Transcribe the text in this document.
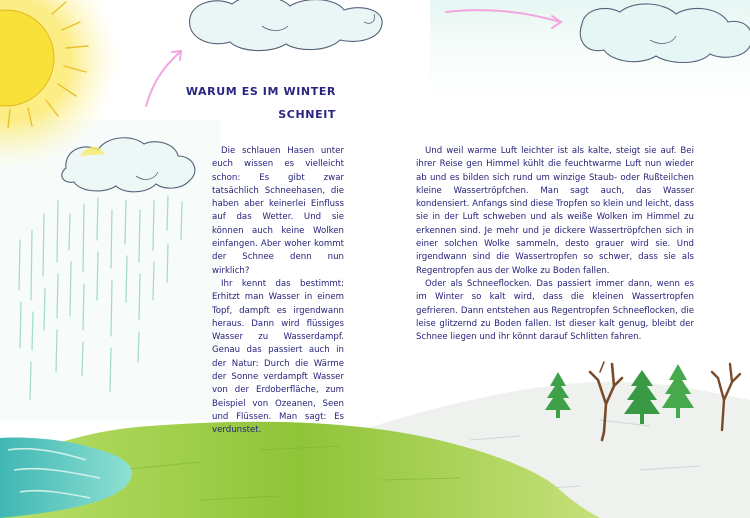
WARUM ES IM WINTER
SCHNEIT

Die schlauen Hasen unter euch wissen es vielleicht schon: Es gibt zwar tatsächlich Schneehasen, die haben aber keinerlei Einfluss auf das Wetter. Und sie können auch keine Wolken einfangen. Aber woher kommt der Schnee denn nun wirklich?

Ihr kennt das bestimmt: Erhitzt man Wasser in einem Topf, dampft es irgendwann heraus. Dann wird flüssiges Wasser zu Wasserdampf. Genau das passiert auch in der Natur: Durch die Wärme der Sonne verdampft Wasser von der Erdoberfläche, zum Beispiel von Ozeanen, Seen und Flüssen. Man sagt: Es verdunstet.

Und weil warme Luft leichter ist als kalte, steigt sie auf. Bei ihrer Reise gen Himmel kühlt die feuchtwarme Luft nun wieder ab und es bilden sich rund um winzige Staub- oder Rußteilchen kleine Wassertröpfchen. Man sagt auch, das Wasser kondensiert. Anfangs sind diese Tropfen so klein und leicht, dass sie in der Luft schweben und als weiße Wolken im Himmel zu erkennen sind. Je mehr und je dickere Wassertröpfchen sich in einer solchen Wolke sammeln, desto grauer wird sie. Und irgendwann sind die Wassertropfen so schwer, dass sie als Regentropfen aus der Wolke zu Boden fallen.

Oder als Schneeflocken. Das passiert immer dann, wenn es im Winter so kalt wird, dass die kleinen Wassertropfen gefrieren. Dann entstehen aus Regentropfen Schneeflocken, die leise glitzernd zu Boden fallen. Ist dieser kalt genug, bleibt der Schnee liegen und ihr könnt darauf Schlitten fahren.
